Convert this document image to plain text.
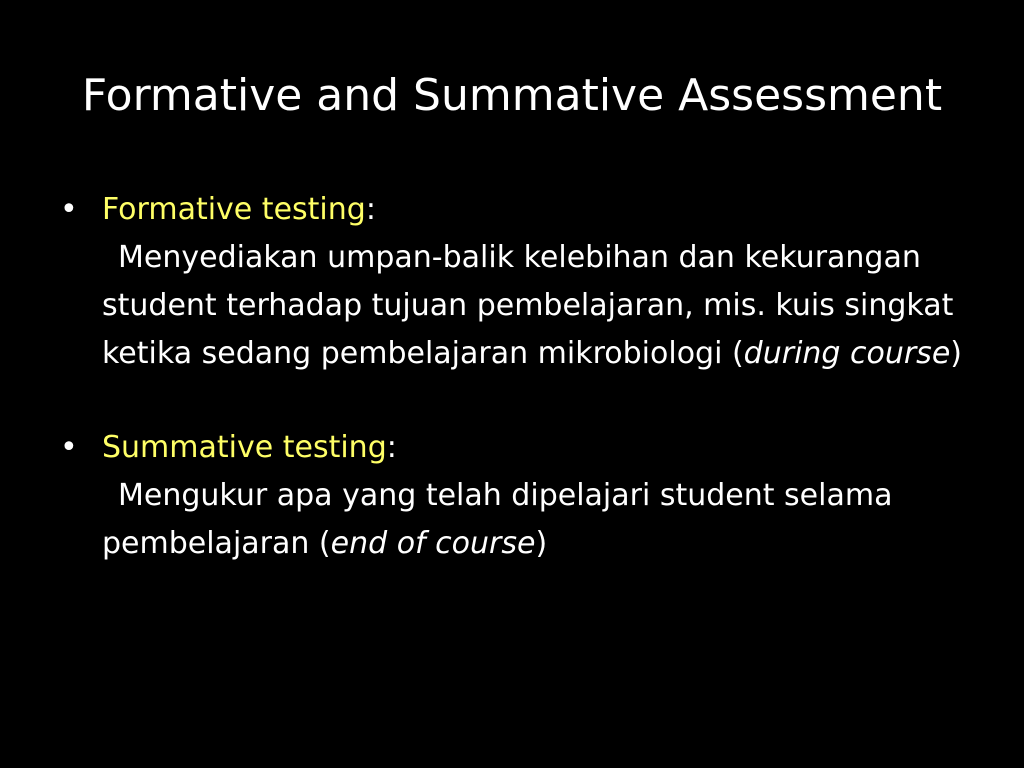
Formative and Summative Assessment
• Formative testing:
Menyediakan umpan-balik kelebihan dan kekurangan student terhadap tujuan pembelajaran, mis. kuis singkat ketika sedang pembelajaran mikrobiologi (during course)
• Summative testing:
Mengukur apa yang telah dipelajari student selama pembelajaran (end of course)
